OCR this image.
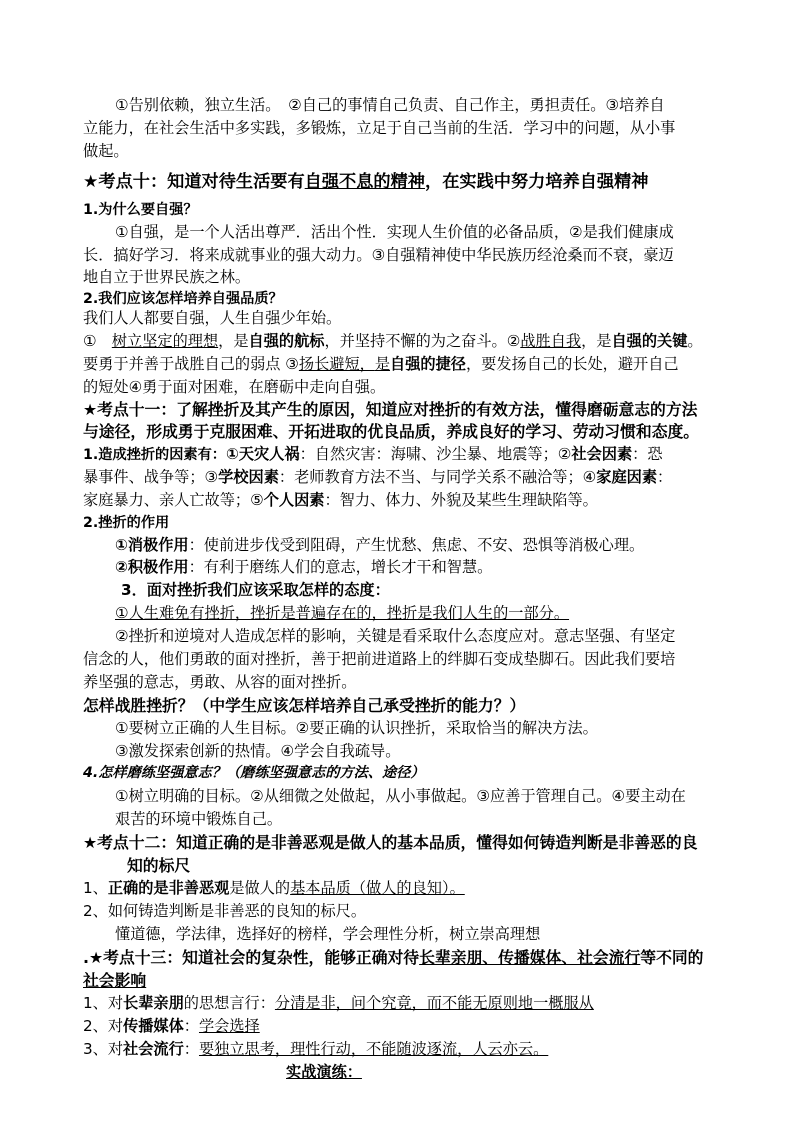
①告别依赖，独立生活。　②自己的事情自己负责、自己作主，勇担责任。③培养自
立能力，在社会生活中多实践，多锻炼，立足于自己当前的生活．学习中的问题，从小事
做起。
★考点十：知道对待生活要有自强不息的精神，在实践中努力培养自强精神
1.为什么要自强？
①自强，是一个人活出尊严．活出个性．实现人生价值的必备品质，②是我们健康成
长．搞好学习．将来成就事业的强大动力。③自强精神使中华民族历经沧桑而不衰，豪迈
地自立于世界民族之林。
2.我们应该怎样培养自强品质？
我们人人都要自强，人生自强少年始。
①　树立坚定的理想，是自强的航标，并坚持不懈的为之奋斗。②战胜自我，是自强的关键。
要勇于并善于战胜自己的弱点 ③扬长避短，是自强的捷径，要发扬自己的长处，避开自己
的短处④勇于面对困难，在磨砺中走向自强。
★考点十一：了解挫折及其产生的原因，知道应对挫折的有效方法，懂得磨砺意志的方法
与途径，形成勇于克服困难、开拓进取的优良品质，养成良好的学习、劳动习惯和态度。
1.造成挫折的因素有：①天灾人祸：自然灾害：海啸、沙尘暴、地震等；②社会因素：恐
暴事件、战争等；③学校因素：老师教育方法不当、与同学关系不融洽等；④家庭因素：
家庭暴力、亲人亡故等；⑤个人因素：智力、体力、外貌及某些生理缺陷等。
2.挫折的作用
①消极作用：使前进步伐受到阻碍，产生忧愁、焦虑、不安、恐惧等消极心理。
②积极作用：有利于磨练人们的意志，增长才干和智慧。
3．面对挫折我们应该采取怎样的态度：
①人生难免有挫折，挫折是普遍存在的，挫折是我们人生的一部分。
②挫折和逆境对人造成怎样的影响，关键是看采取什么态度应对。意志坚强、有坚定
信念的人，他们勇敢的面对挫折，善于把前进道路上的绊脚石变成垫脚石。因此我们要培
养坚强的意志，勇敢、从容的面对挫折。
怎样战胜挫折？（中学生应该怎样培养自己承受挫折的能力？）
①要树立正确的人生目标。②要正确的认识挫折，采取恰当的解决方法。
③激发探索创新的热情。④学会自我疏导。
4.怎样磨练坚强意志？（磨练坚强意志的方法、途径）
①树立明确的目标。②从细微之处做起，从小事做起。③应善于管理自己。④要主动在
艰苦的环境中锻炼自己。
★考点十二：知道正确的是非善恶观是做人的基本品质，懂得如何铸造判断是非善恶的良
知的标尺
1、正确的是非善恶观是做人的基本品质（做人的良知）。
2、如何铸造判断是非善恶的良知的标尺。
懂道德，学法律，选择好的榜样，学会理性分析，树立崇高理想
.★考点十三：知道社会的复杂性，能够正确对待长辈亲朋、传播媒体、社会流行等不同的
社会影响
1、对长辈亲朋的思想言行：分清是非，问个究竟，而不能无原则地一概服从
2、对传播媒体：学会选择
3、对社会流行：要独立思考，理性行动，不能随波逐流，人云亦云。
实战演练：
